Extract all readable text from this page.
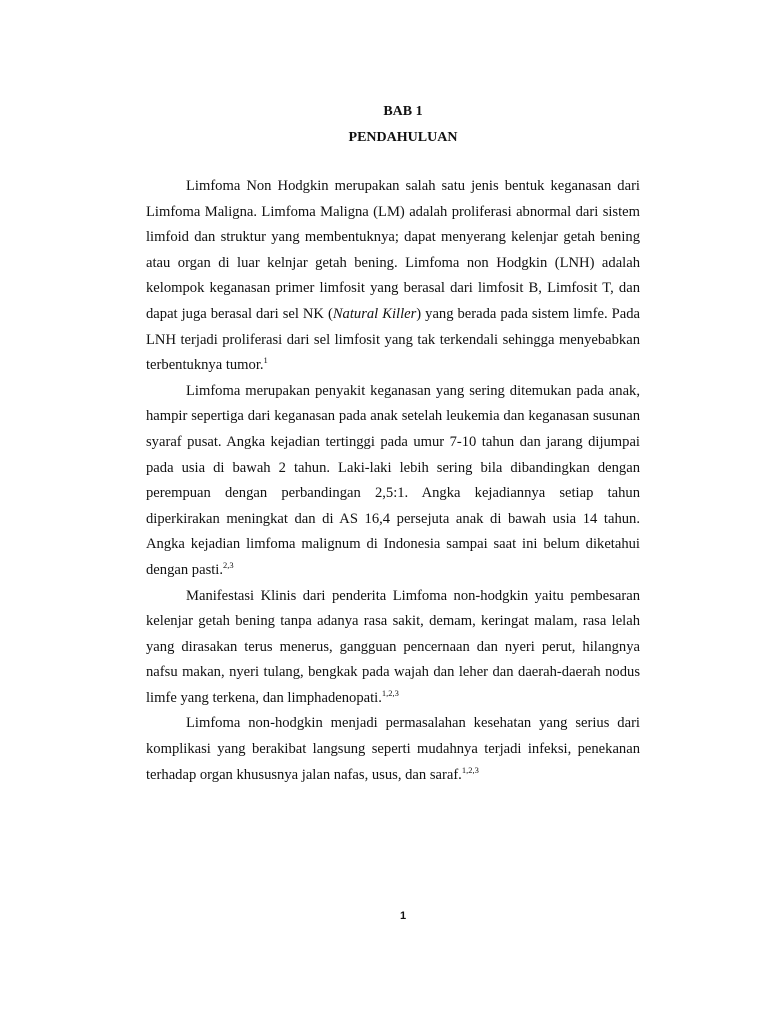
BAB 1
PENDAHULUAN

Limfoma Non Hodgkin merupakan salah satu jenis bentuk keganasan dari Limfoma Maligna. Limfoma Maligna (LM) adalah proliferasi abnormal dari sistem limfoid dan struktur yang membentuknya; dapat menyerang kelenjar getah bening atau organ di luar kelnjar getah bening. Limfoma non Hodgkin (LNH) adalah kelompok keganasan primer limfosit yang berasal dari limfosit B, Limfosit T, dan dapat juga berasal dari sel NK (Natural Killer) yang berada pada sistem limfe. Pada LNH terjadi proliferasi dari sel limfosit yang tak terkendali sehingga menyebabkan terbentuknya tumor.$^1$

Limfoma merupakan penyakit keganasan yang sering ditemukan pada anak, hampir sepertiga dari keganasan pada anak setelah leukemia dan keganasan susunan syaraf pusat. Angka kejadian tertinggi pada umur 7-10 tahun dan jarang dijumpai pada usia di bawah 2 tahun. Laki-laki lebih sering bila dibandingkan dengan perempuan dengan perbandingan 2,5:1. Angka kejadiannya setiap tahun diperkirakan meningkat dan di AS 16,4 persejuta anak di bawah usia 14 tahun. Angka kejadian limfoma malignum di Indonesia sampai saat ini belum diketahui dengan pasti.$^{2,3}$

Manifestasi Klinis dari penderita Limfoma non-hodgkin yaitu pembesaran kelenjar getah bening tanpa adanya rasa sakit, demam, keringat malam, rasa lelah yang dirasakan terus menerus, gangguan pencernaan dan nyeri perut, hilangnya nafsu makan, nyeri tulang, bengkak pada wajah dan leher dan daerah-daerah nodus limfe yang terkena, dan limphadenopati.$^{1,2,3}$

Limfoma non-hodgkin menjadi permasalahan kesehatan yang serius dari komplikasi yang berakibat langsung seperti mudahnya terjadi infeksi, penekanan terhadap organ khususnya jalan nafas, usus, dan saraf.$^{1,2,3}$

1
